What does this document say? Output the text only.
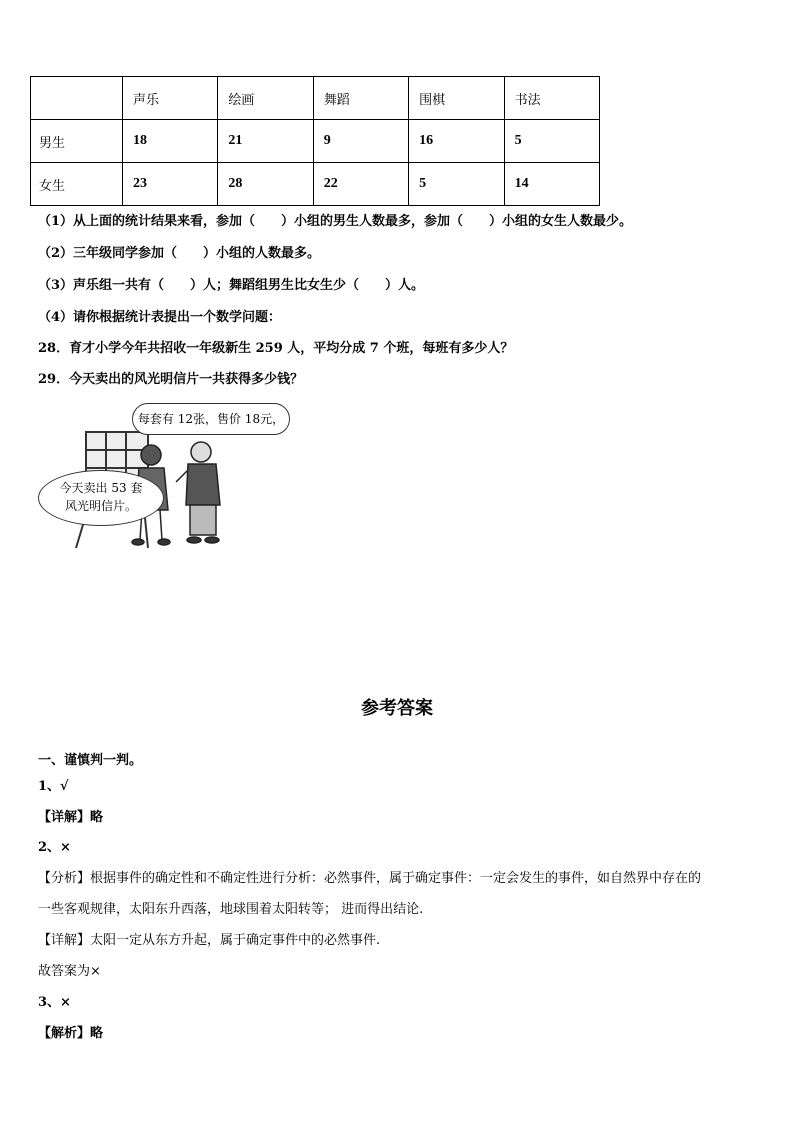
	声乐	绘画	舞蹈	围棋	书法
男生	18	21	9	16	5
女生	23	28	22	5	14
（1）从上面的统计结果来看，参加（　　）小组的男生人数最多，参加（　　）小组的女生人数最少。
（2）三年级同学参加（　　）小组的人数最多。
（3）声乐组一共有（　　）人；舞蹈组男生比女生少（　　）人。
（4）请你根据统计表提出一个数学问题：
28．育才小学今年共招收一年级新生 259 人，平均分成 7 个班，每班有多少人？
29．今天卖出的风光明信片一共获得多少钱？
每套有 12张，售价 18元，
今天卖出 53 套
风光明信片。
参考答案
一、谨慎判一判。
1、√
【详解】略
2、×
【分析】根据事件的确定性和不确定性进行分析：必然事件，属于确定事件：一定会发生的事件，如自然界中存在的
一些客观规律，太阳东升西落，地球围着太阳转等； 进而得出结论.
【详解】太阳一定从东方升起，属于确定事件中的必然事件.
故答案为×
3、×
【解析】略
